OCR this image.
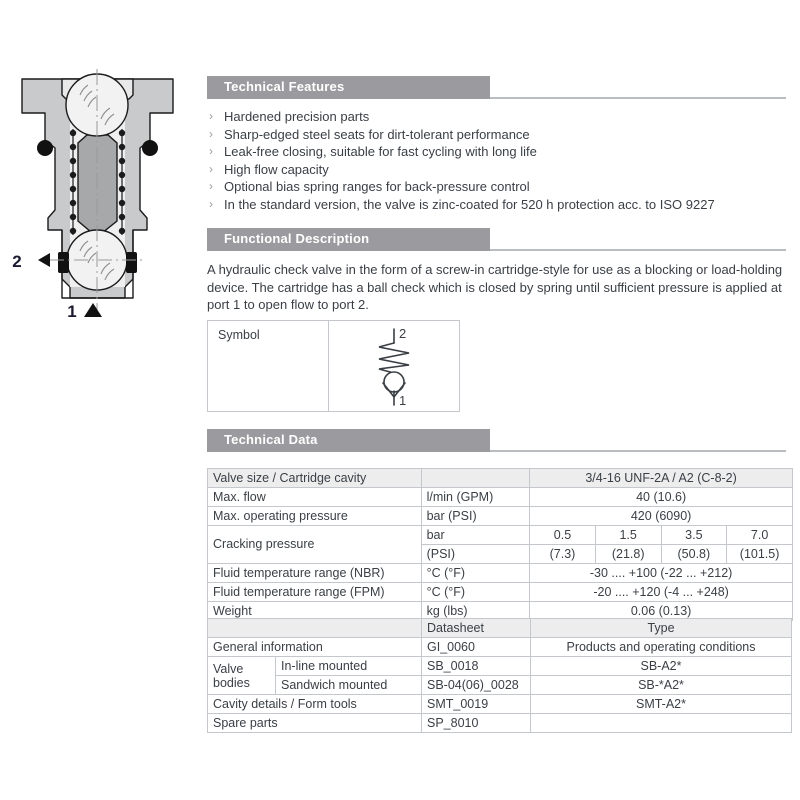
2
1
Technical Features
› Hardened precision parts
› Sharp-edged steel seats for dirt-tolerant performance
› Leak-free closing, suitable for fast cycling with long life
› High flow capacity
› Optional bias spring ranges for back-pressure control
› In the standard version, the valve is zinc-coated for 520 h protection acc. to ISO 9227
Functional Description
A hydraulic check valve in the form of a screw-in cartridge-style for use as a blocking or load-holding device. The cartridge has a ball check which is closed by spring until sufficient pressure is applied at port 1 to open flow to port 2.
Symbol	2
1
Technical Data
Valve size / Cartridge cavity		3/4-16 UNF-2A / A2 (C-8-2)			
Max. flow	l/min (GPM)	40 (10.6)			
Max. operating pressure	bar (PSI)	420 (6090)			
Cracking pressure	bar	0.5	1.5	3.5	7.0
	(PSI)	(7.3)	(21.8)	(50.8)	(101.5)
Fluid temperature range (NBR)	°C (°F)	-30 .... +100 (-22 ... +212)			
Fluid temperature range (FPM)	°C (°F)	-20 .... +120 (-4 ... +248)			
Weight	kg (lbs)	0.06 (0.13)			
		Datasheet	Type
General information		GI_0060	Products and operating conditions
Valve
bodies	In-line mounted	SB_0018	SB-A2*
	Sandwich mounted	SB-04(06)_0028	SB-*A2*
Cavity details / Form tools		SMT_0019	SMT-A2*
Spare parts		SP_8010	
